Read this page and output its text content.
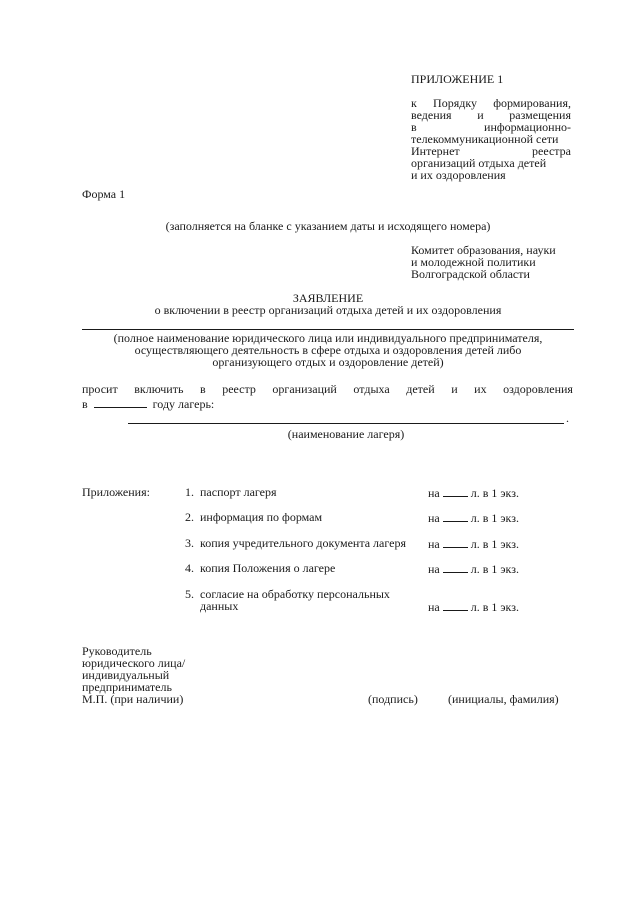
ПРИЛОЖЕНИЕ 1
к Порядку формирования,
ведения и размещения
в информационно-
телекоммуникационной сети
Интернет реестра
организаций отдыха детей
и их оздоровления
Форма 1
(заполняется на бланке с указанием даты и исходящего номера)
Комитет образования, науки
и молодежной политики
Волгоградской области
ЗАЯВЛЕНИЕ
о включении в реестр организаций отдыха детей и их оздоровления
(полное наименование юридического лица или индивидуального предпринимателя,
осуществляющего деятельность в сфере отдыха и оздоровления детей либо
организующего отдых и оздоровление детей)
просит включить в реестр организаций отдыха детей и их оздоровления
в	году лагерь:
.
(наименование лагеря)
Приложения:	1. паспорт лагеря	на	л. в 1 экз.
2. информация по формам	на	л. в 1 экз.
3. копия учредительного документа лагеря на	л. в 1 экз.
4. копия Положения о лагере	на	л. в 1 экз.
5. согласие на обработку персональных
данных	на	л. в 1 экз.
Руководитель
юридического лица/
индивидуальный
предприниматель
М.П. (при наличии)	(подпись)	(инициалы, фамилия)
